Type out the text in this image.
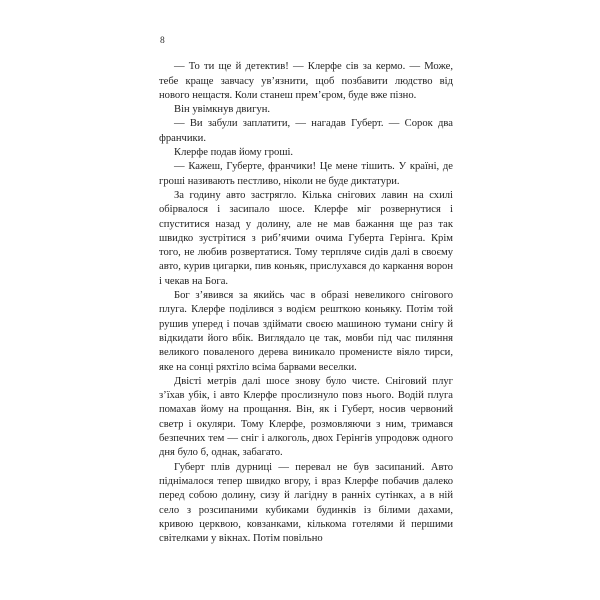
8

— То ти ще й детектив! — Клерфе сів за кермо. — Може, тебе краще завчасу ув’язнити, щоб позбавити людство від нового нещастя. Коли станеш прем’єром, буде вже пізно.

Він увімкнув двигун.

— Ви забули заплатити, — нагадав Губерт. — Сорок два франчики.

Клерфе подав йому гроші.

— Кажеш, Губерте, франчики! Це мене тішить. У країні, де гроші називають пестливо, ніколи не буде диктатури.

За годину авто застрягло. Кілька снігових лавин на схилі обірвалося і засипало шосе. Клерфе міг розвернутися і спуститися назад у долину, але не мав бажання ще раз так швидко зустрітися з риб’ячими очима Губерта Герінга. Крім того, не любив розвертатися. Тому терпляче сидів далі в своєму авто, курив цигарки, пив коньяк, прислухався до каркання ворон і чекав на Бога.

Бог з’явився за якийсь час в образі невеликого снігового плуга. Клерфе поділився з водієм решткою коньяку. Потім той рушив уперед і почав здіймати своєю машиною тумани снігу й відкидати його вбік. Виглядало це так, мовби під час пиляння великого поваленого дерева виникало променисте віяло тирси, яке на сонці ряхтіло всіма барвами веселки.

Двісті метрів далі шосе знову було чисте. Сніговий плуг з’їхав убік, і авто Клерфе прослизнуло повз нього. Водій плуга помахав йому на прощання. Він, як і Губерт, носив червоний светр і окуляри. Тому Клерфе, розмовляючи з ним, тримався безпечних тем — сніг і алкоголь, двох Герінгів упродовж одного дня було б, однак, забагато.

Губерт плів дурниці — перевал не був засипаний. Авто піднімалося тепер швидко вгору, і враз Клерфе побачив далеко перед собою долину, сизу й лагідну в ранніх сутінках, а в ній село з розсипаними кубиками будинків із білими дахами, кривою церквою, ковзанками, кількома готелями й першими світелками у вікнах. Потім повільно
